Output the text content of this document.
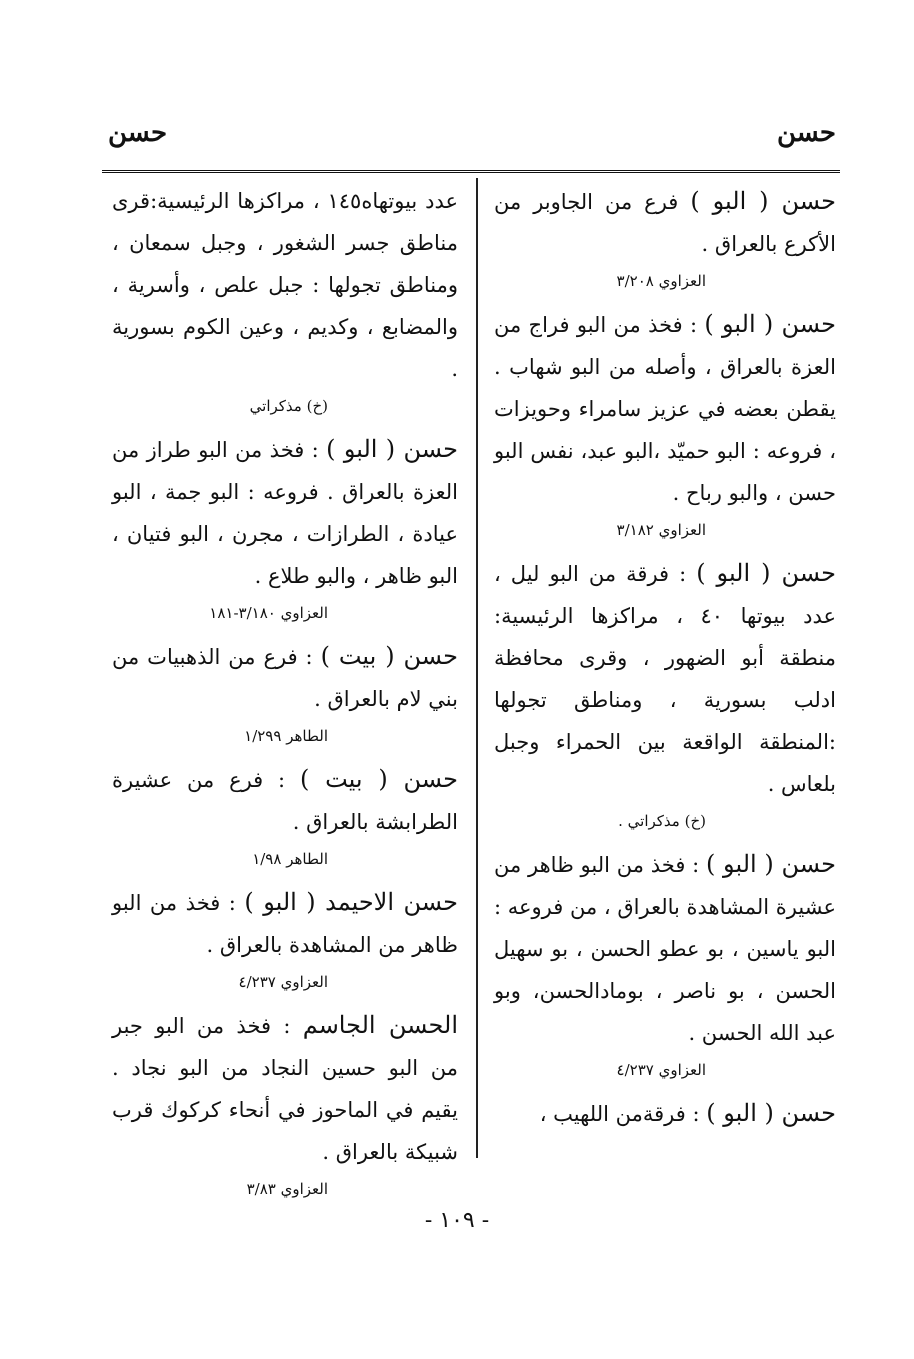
حسن
حسن

حسن ( البو ) فرع من الجاوبر من الأكرع بالعراق .

العزاوي ٣/٢٠٨

حسن ( البو ) : فخذ من البو فراج من العزة بالعراق ، وأصله من البو شهاب . يقطن بعضه في عزيز سامراء وحويزات ، فروعه : البو حميّد ،البو عبد، نفس البو حسن ، والبو رباح .

العزاوي ٣/١٨٢

حسن ( البو ) : فرقة من البو ليل ، عدد بيوتها ٤٠ ، مراكزها الرئيسية: منطقة أبو الضهور ، وقرى محافظة ادلب بسورية ، ومناطق تجولها :المنطقة الواقعة بين الحمراء وجبل بلعاس .

(خ) مذكراتي .

حسن ( البو ) : فخذ من البو ظاهر من عشيرة المشاهدة بالعراق ، من فروعه : البو ياسين ، بو عطو الحسن ، بو سهيل الحسن ، بو ناصر ، بومادالحسن، وبو عبد الله الحسن .

العزاوي ٤/٢٣٧

حسن ( البو ) : فرقةمن اللهيب ،

عدد بيوتهاه١٤٥ ، مراكزها الرئيسية:قرى مناطق جسر الشغور ، وجبل سمعان ، ومناطق تجولها : جبل علص ، وأسرية ، والمضابع ، وكديم ، وعين الكوم بسورية .

(خ) مذكراتي

حسن ( البو ) : فخذ من البو طراز من العزة بالعراق . فروعه : البو جمة ، البو عيادة ، الطرازات ، مجرن ، البو فتيان ، البو ظاهر ، والبو طلاع .

العزاوي ٣/١٨٠-١٨١

حسن ( بيت ) : فرع من الذهبيات من بني لام بالعراق .

الطاهر ١/٢٩٩

حسن ( بيت ) : فرع من عشيرة الطرابشة بالعراق .

الطاهر ١/٩٨

حسن الاحيمد ( البو ) : فخذ من البو ظاهر من المشاهدة بالعراق .

العزاوي ٤/٢٣٧

الحسن الجاسم : فخذ من البو جبر من البو حسين النجاد من البو نجاد . يقيم في الماحوز في أنحاء كركوك قرب شبيكة بالعراق .

العزاوي ٣/٨٣
- ١٠٩ -
